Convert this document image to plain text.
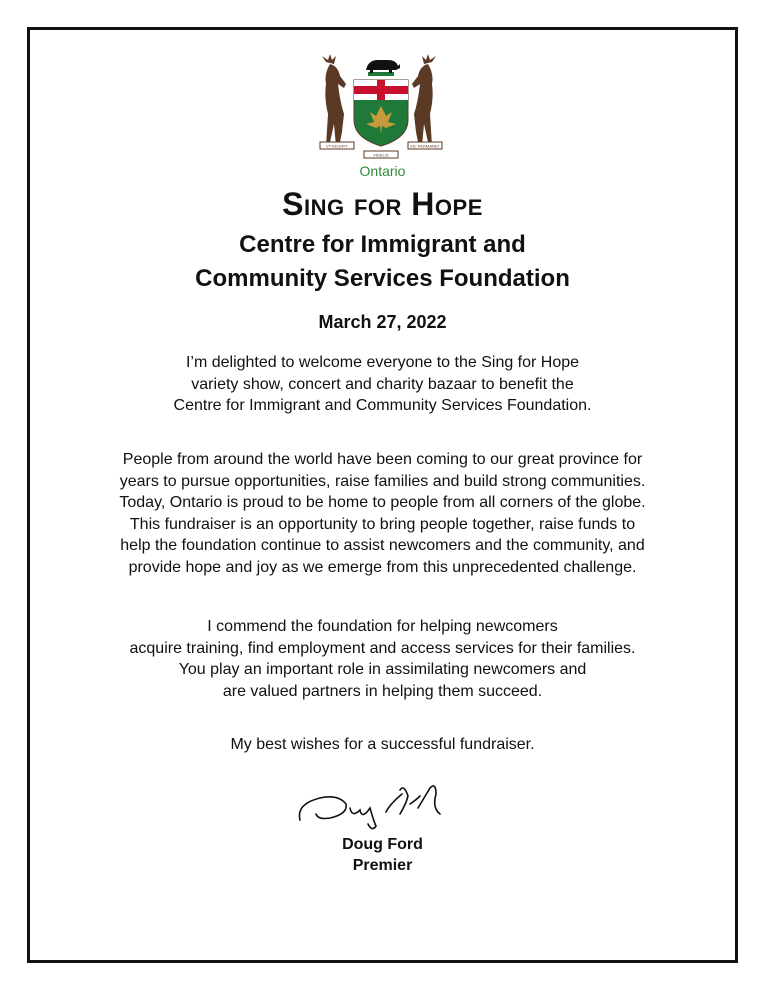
VT INCEPIT
FIDELIS
SIC PERMANET
Ontario
Sing for Hope
Centre for Immigrant and
Community Services Foundation
March 27, 2022
I’m delighted to welcome everyone to the Sing for Hope
variety show, concert and charity bazaar to benefit the
Centre for Immigrant and Community Services Foundation.
People from around the world have been coming to our great province for
years to pursue opportunities, raise families and build strong communities.
Today, Ontario is proud to be home to people from all corners of the globe.
This fundraiser is an opportunity to bring people together, raise funds to
help the foundation continue to assist newcomers and the community, and
provide hope and joy as we emerge from this unprecedented challenge.
I commend the foundation for helping newcomers
acquire training, find employment and access services for their families.
You play an important role in assimilating newcomers and
are valued partners in helping them succeed.
My best wishes for a successful fundraiser.
Doug Ford
Premier
